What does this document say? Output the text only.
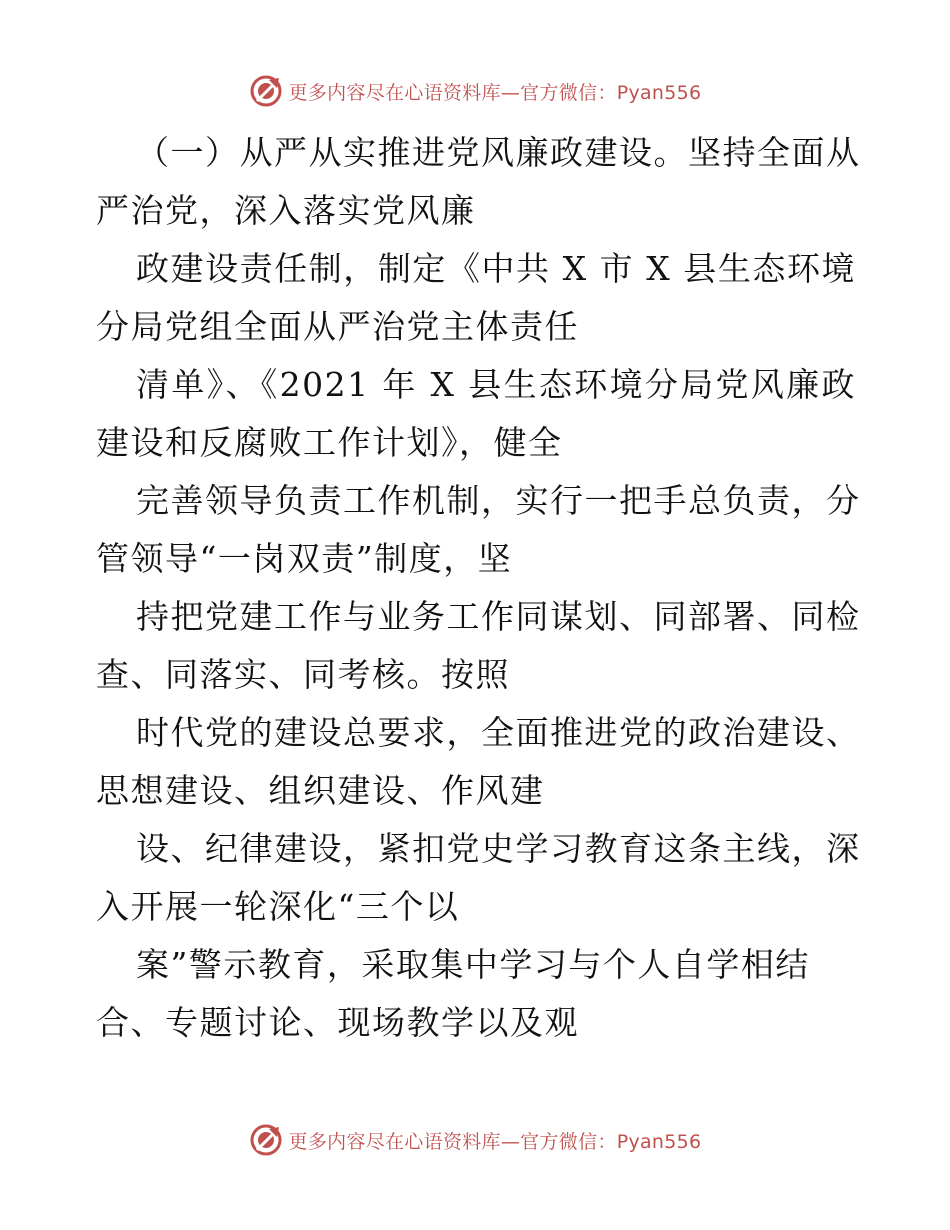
更多内容尽在心语资料库—官方微信：Pyan556
（一）从严从实推进党风廉政建设。坚持全面从
严治党，深入落实党风廉
政建设责任制，制定《中共 X 市 X 县生态环境
分局党组全面从严治党主体责任
清单》、《2021 年 X 县生态环境分局党风廉政
建设和反腐败工作计划》，健全
完善领导负责工作机制，实行一把手总负责，分
管领导“一岗双责”制度，坚
持把党建工作与业务工作同谋划、同部署、同检
查、同落实、同考核。按照
时代党的建设总要求，全面推进党的政治建设、
思想建设、组织建设、作风建
设、纪律建设，紧扣党史学习教育这条主线，深
入开展一轮深化“三个以
案”警示教育，采取集中学习与个人自学相结
合、专题讨论、现场教学以及观
更多内容尽在心语资料库—官方微信：Pyan556
